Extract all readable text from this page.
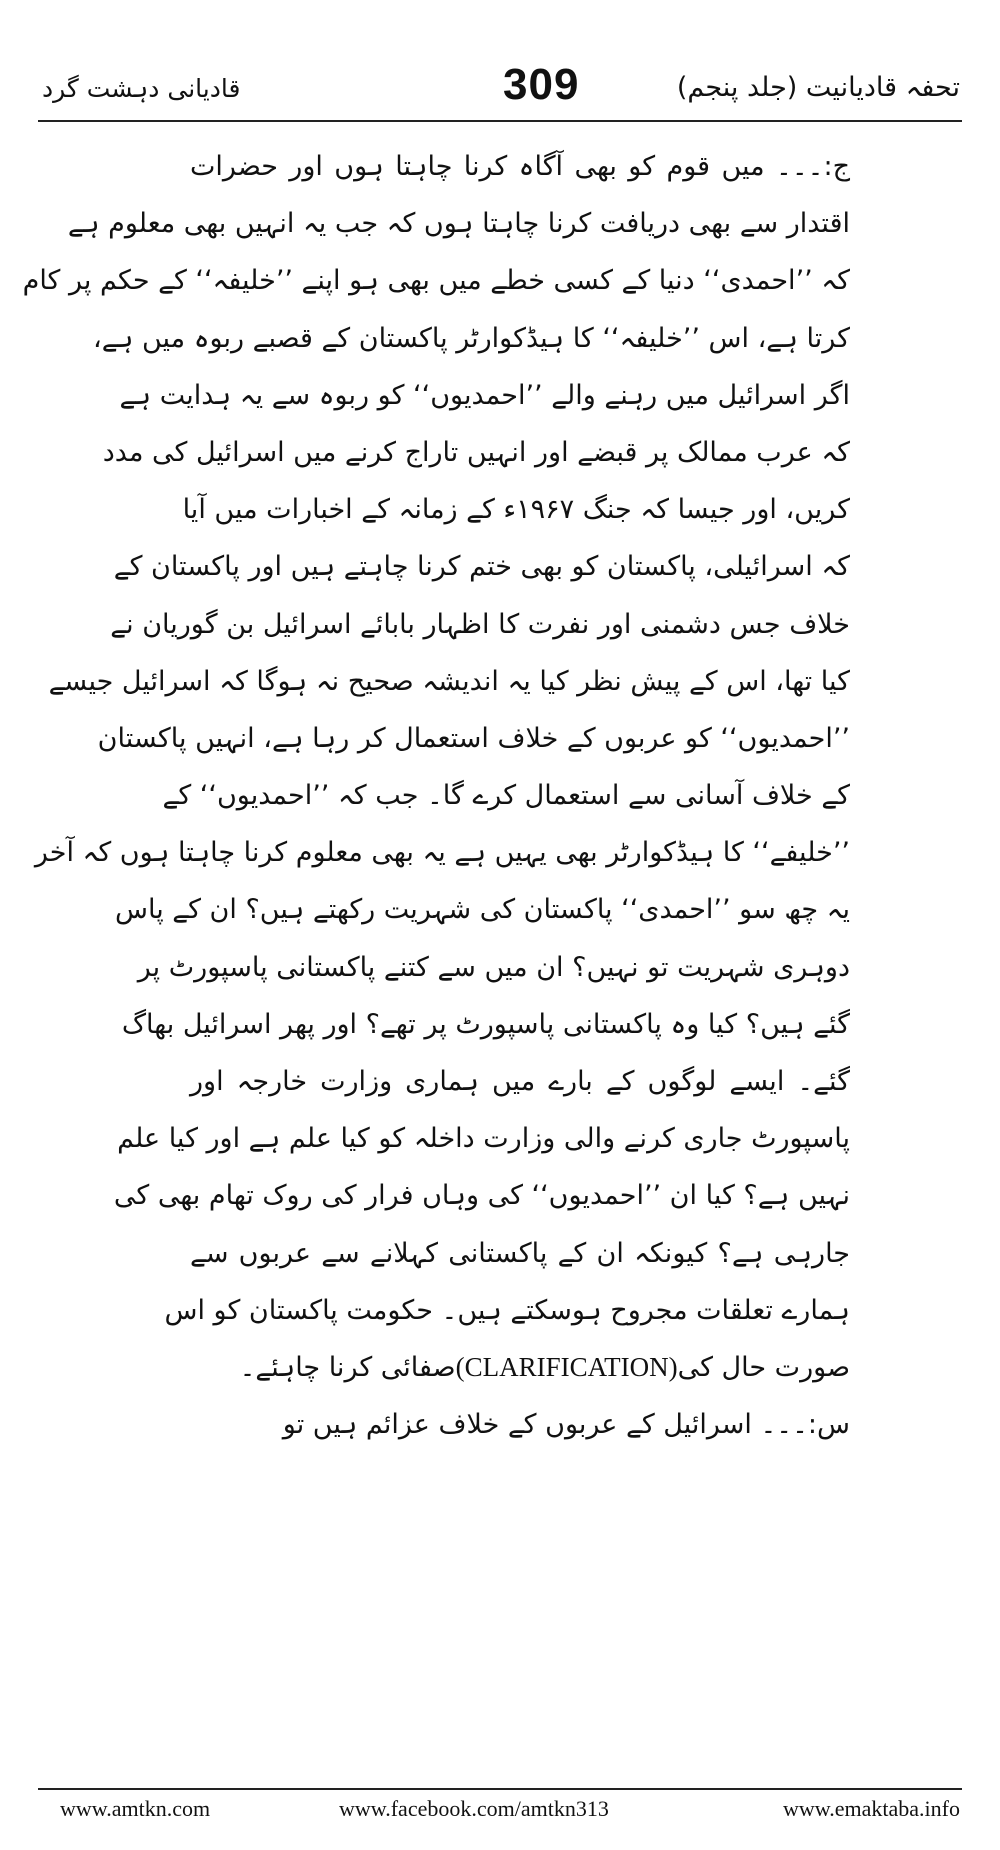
تحفہ قادیانیت (جلد پنجم)
309
قادیانی دہشت گرد
ج:۔۔۔ میں قوم کو بھی آگاہ کرنا چاہتا ہوں اور حضرات
اقتدار سے بھی دریافت کرنا چاہتا ہوں کہ جب یہ انہیں بھی معلوم ہے
کہ ’’احمدی‘‘ دنیا کے کسی خطے میں بھی ہو اپنے ’’خلیفہ‘‘ کے حکم پر کام
کرتا ہے، اس ’’خلیفہ‘‘ کا ہیڈکوارٹر پاکستان کے قصبے ربوہ میں ہے،
اگر اسرائیل میں رہنے والے ’’احمدیوں‘‘ کو ربوہ سے یہ ہدایت ہے
کہ عرب ممالک پر قبضے اور انہیں تاراج کرنے میں اسرائیل کی مدد
کریں، اور جیسا کہ جنگ ۱۹۶۷ء کے زمانہ کے اخبارات میں آیا
کہ اسرائیلی، پاکستان کو بھی ختم کرنا چاہتے ہیں اور پاکستان کے
خلاف جس دشمنی اور نفرت کا اظہار بابائے اسرائیل بن گوریان نے
کیا تھا، اس کے پیش نظر کیا یہ اندیشہ صحیح نہ ہوگا کہ اسرائیل جیسے
’’احمدیوں‘‘ کو عربوں کے خلاف استعمال کر رہا ہے، انہیں پاکستان
کے خلاف آسانی سے استعمال کرے گا۔ جب کہ ’’احمدیوں‘‘ کے
’’خلیفے‘‘ کا ہیڈکوارٹر بھی یہیں ہے یہ بھی معلوم کرنا چاہتا ہوں کہ آخر
یہ چھ سو ’’احمدی‘‘ پاکستان کی شہریت رکھتے ہیں؟ ان کے پاس
دوہری شہریت تو نہیں؟ ان میں سے کتنے پاکستانی پاسپورٹ پر
گئے ہیں؟ کیا وہ پاکستانی پاسپورٹ پر تھے؟ اور پھر اسرائیل بھاگ
گئے۔ ایسے لوگوں کے بارے میں ہماری وزارت خارجہ اور
پاسپورٹ جاری کرنے والی وزارت داخلہ کو کیا علم ہے اور کیا علم
نہیں ہے؟ کیا ان ’’احمدیوں‘‘ کی وہاں فرار کی روک تھام بھی کی
جارہی ہے؟ کیونکہ ان کے پاکستانی کہلانے سے عربوں سے
ہمارے تعلقات مجروح ہوسکتے ہیں۔ حکومت پاکستان کو اس
صورت حال کی(CLARIFICATION)صفائی کرنا چاہئے۔
س:۔۔۔ اسرائیل کے عربوں کے خلاف عزائم ہیں تو
www.amtkn.com	www.facebook.com/amtkn313	www.emaktaba.info
